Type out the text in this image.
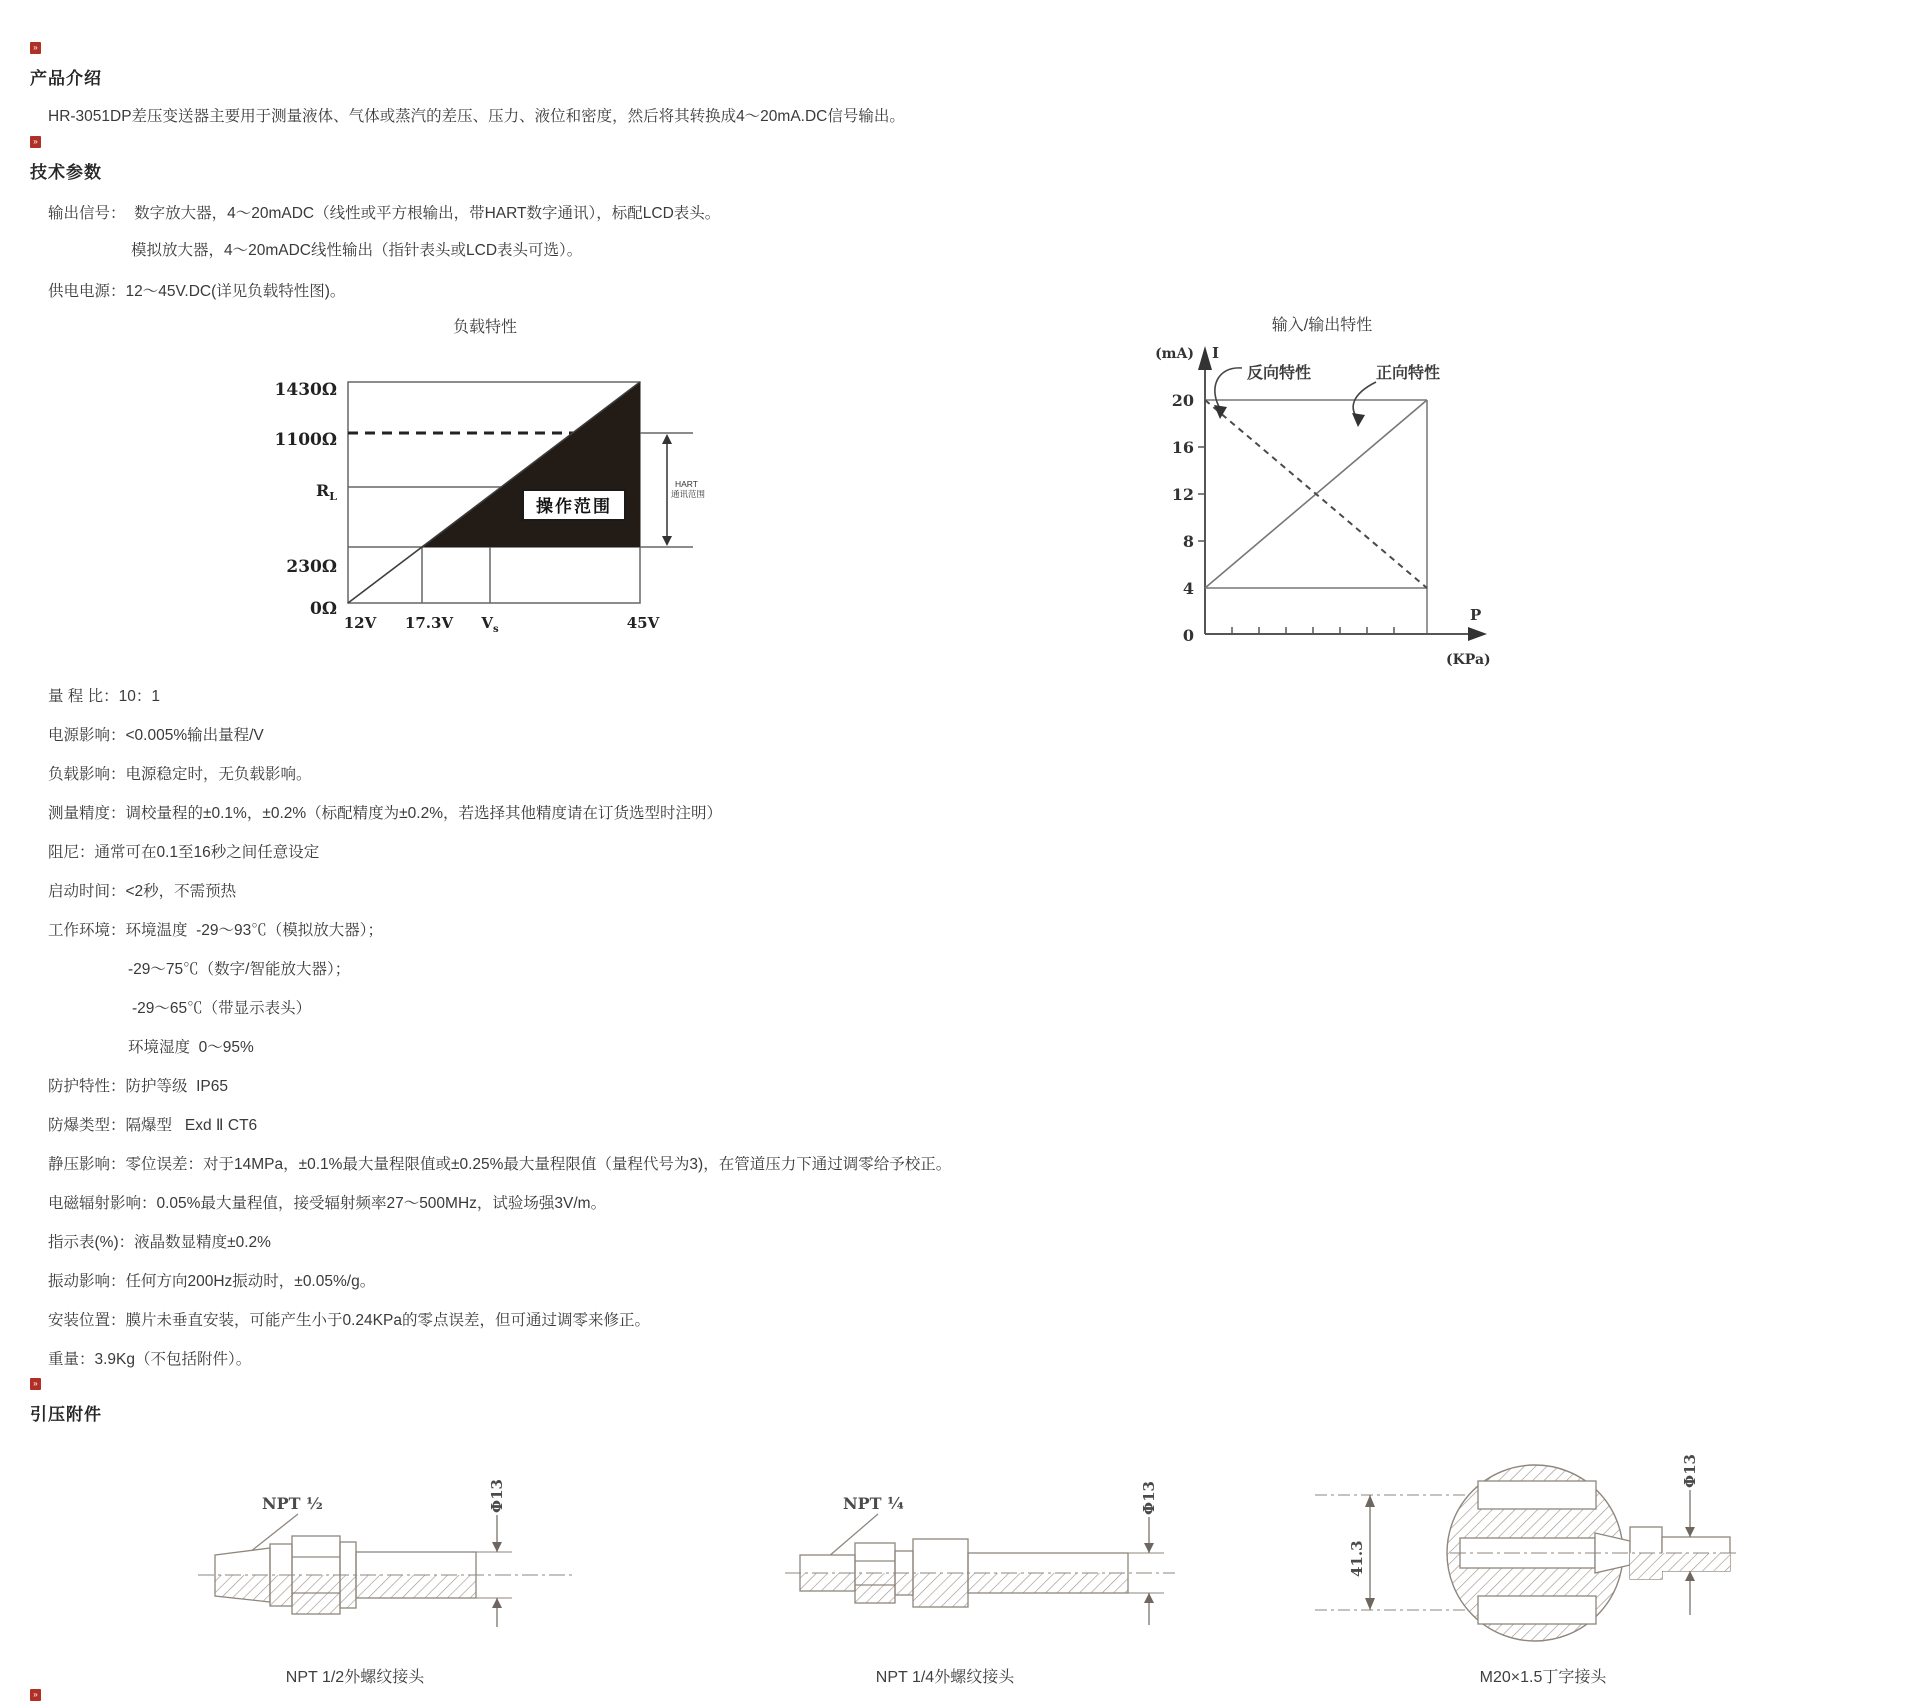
»
产品介绍
HR-3051DP差压变送器主要用于测量液体、气体或蒸汽的差压、压力、液位和密度，然后将其转换成4～20mA.DC信号输出。
»
技术参数
输出信号：  数字放大器，4～20mADC（线性或平方根输出，带HART数字通讯），标配LCD表头。
模拟放大器，4～20mADC线性输出（指针表头或LCD表头可选）。
供电电源：12～45V.DC(详见负载特性图)。
负载特性
操作范围
HART
通讯范围
1430Ω
1100Ω
$R_L$
230Ω
0Ω
12V 17.3V $V_s$	45V
输入/输出特性
(mA) I
20
16
12
8
4
0
反向特性	正向特性
P
(KPa)
量 程 比：10：1
电源影响：<0.005%输出量程/V
负载影响：电源稳定时，无负载影响。
测量精度：调校量程的±0.1%，±0.2%（标配精度为±0.2%，若选择其他精度请在订货选型时注明）
阻尼：通常可在0.1至16秒之间任意设定
启动时间：<2秒，不需预热
工作环境：环境温度  -29～93℃（模拟放大器）；
-29～75℃（数字/智能放大器）；
-29～65℃（带显示表头）
环境湿度  0～95%
防护特性：防护等级  IP65
防爆类型：隔爆型   Exd Ⅱ CT6
静压影响：零位误差：对于14MPa，±0.1%最大量程限值或±0.25%最大量程限值（量程代号为3)，在管道压力下通过调零给予校正。
电磁辐射影响：0.05%最大量程值，接受辐射频率27～500MHz，试验场强3V/m。
指示表(%)：液晶数显精度±0.2%
振动影响：任何方向200Hz振动时，±0.05%/g。
安装位置：膜片未垂直安装，可能产生小于0.24KPa的零点误差，但可通过调零来修正。
重量：3.9Kg（不包括附件）。
»
引压附件
NPT ½	Φ13
NPT 1/2外螺纹接头
NPT ¼	Φ13
NPT 1/4外螺纹接头
41.3
Φ13
M20×1.5丁字接头
»
